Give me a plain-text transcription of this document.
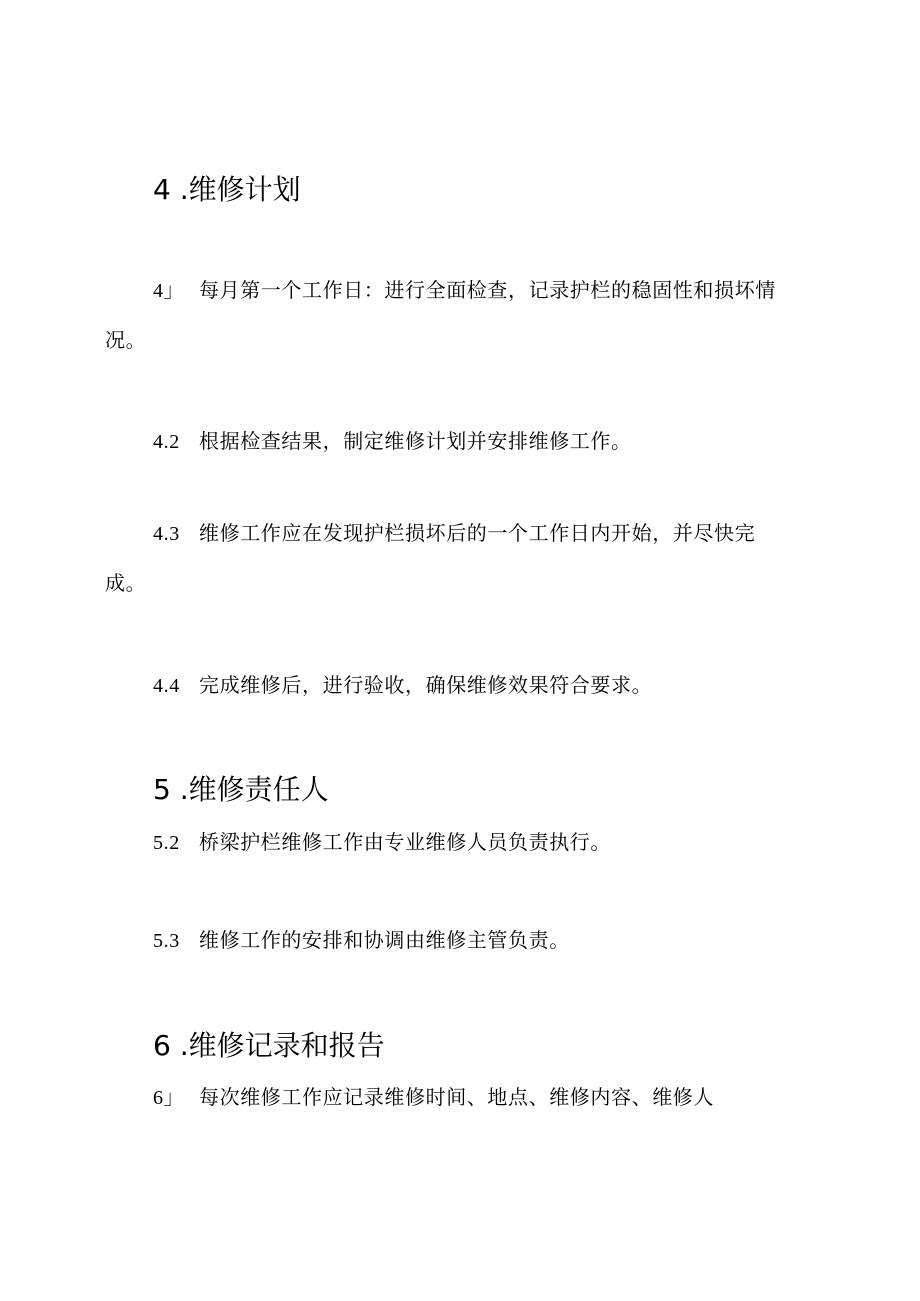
4 .维修计划
4」 每月第一个工作日：进行全面检查，记录护栏的稳固性和损坏情
况。
4.2 根据检查结果，制定维修计划并安排维修工作。
4.3 维修工作应在发现护栏损坏后的一个工作日内开始，并尽快完
成。
4.4 完成维修后，进行验收，确保维修效果符合要求。
5 .维修责任人
5.2 桥梁护栏维修工作由专业维修人员负责执行。
5.3 维修工作的安排和协调由维修主管负责。
6 .维修记录和报告
6」 每次维修工作应记录维修时间、地点、维修内容、维修人
